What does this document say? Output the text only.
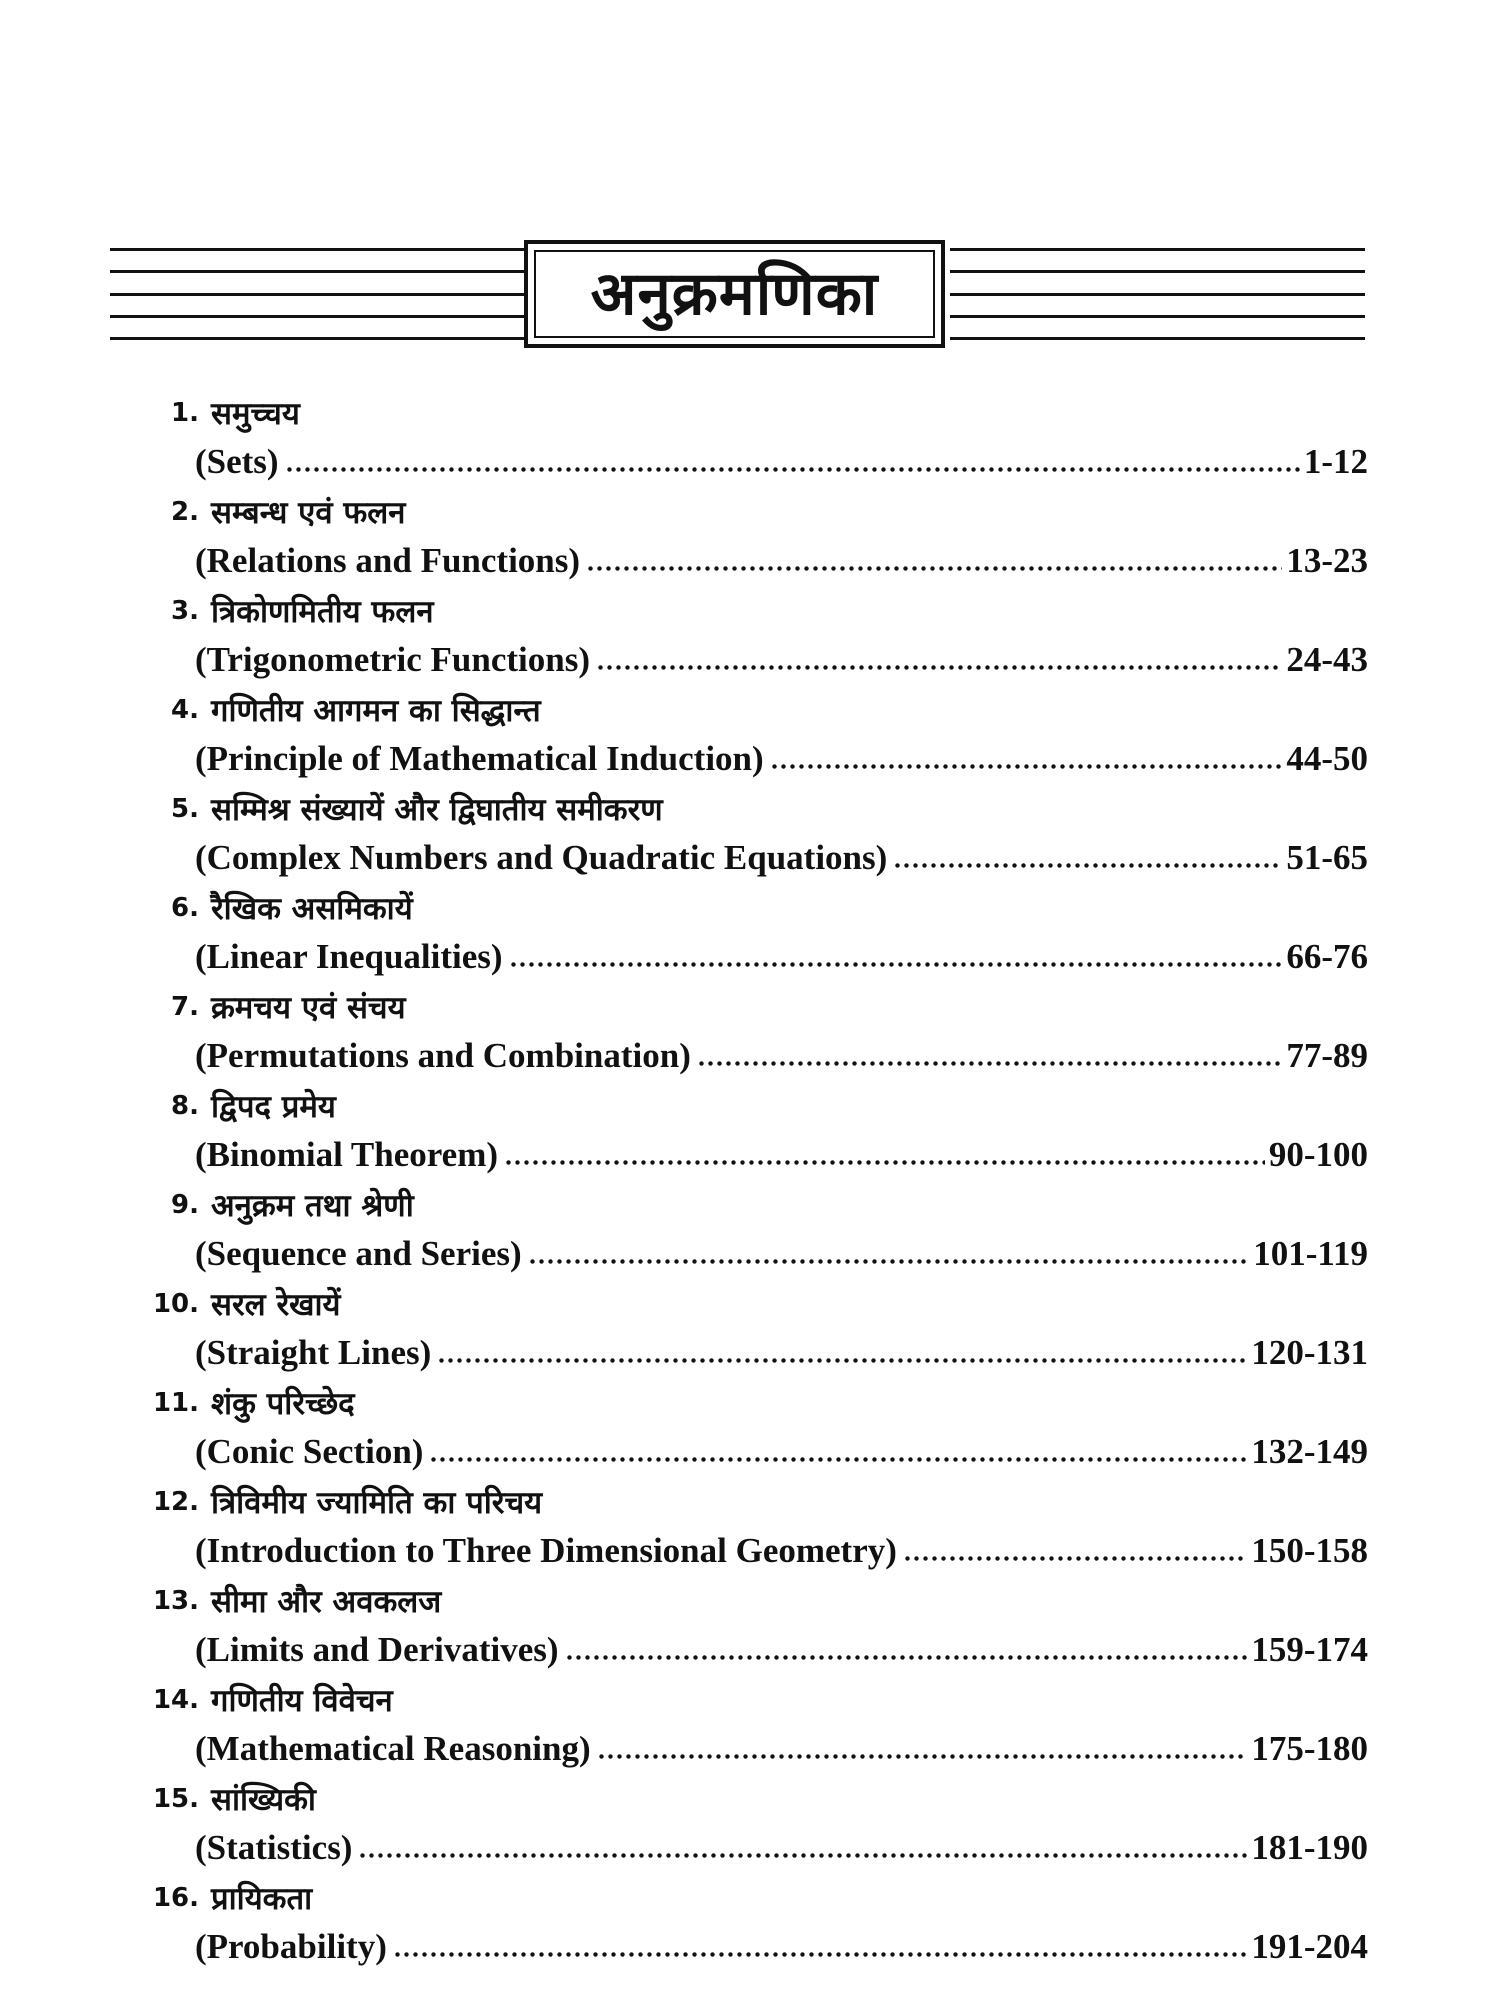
अनुक्रमणिका
1. समुच्चय
(Sets)	1-12
2. सम्बन्ध एवं फलन
(Relations and Functions)	13-23
3. त्रिकोणमितीय फलन
(Trigonometric Functions)	24-43
4. गणितीय आगमन का सिद्धान्त
(Principle of Mathematical Induction)	44-50
5. सम्मिश्र संख्यायें और द्विघातीय समीकरण
(Complex Numbers and Quadratic Equations)	51-65
6. रैखिक असमिकायें
(Linear Inequalities)	66-76
7. क्रमचय एवं संचय
(Permutations and Combination)	77-89
8. द्विपद प्रमेय
(Binomial Theorem)	90-100
9. अनुक्रम तथा श्रेणी
(Sequence and Series)	101-119
10. सरल रेखायें
(Straight Lines)	120-131
11. शंकु परिच्छेद
(Conic Section)	132-149
12. त्रिविमीय ज्यामिति का परिचय
(Introduction to Three Dimensional Geometry)	150-158
13. सीमा और अवकलज
(Limits and Derivatives)	159-174
14. गणितीय विवेचन
(Mathematical Reasoning)	175-180
15. सांख्यिकी
(Statistics)	181-190
16. प्रायिकता
(Probability)	191-204
